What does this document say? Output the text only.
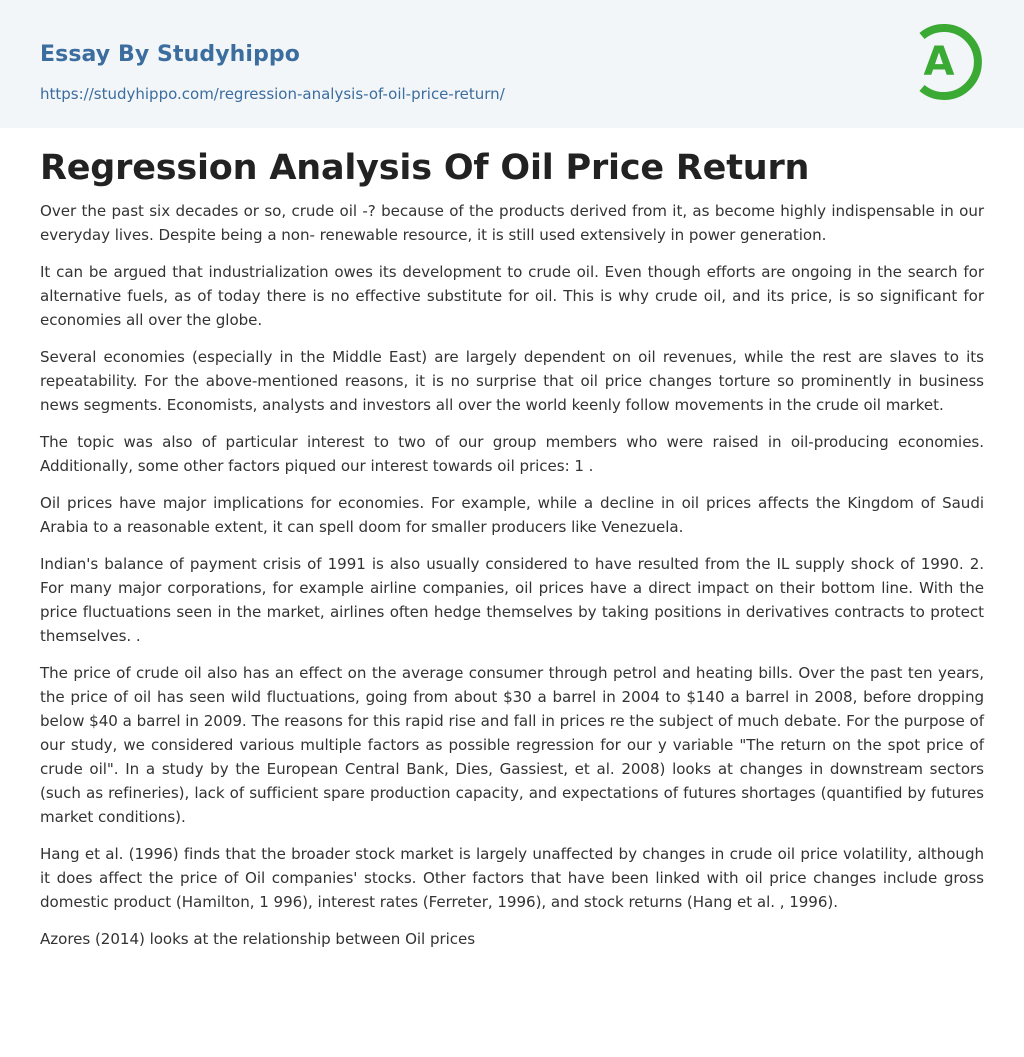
Essay By Studyhippo
https://studyhippo.com/regression-analysis-of-oil-price-return/
A
Regression Analysis Of Oil Price Return

Over the past six decades or so, crude oil -? because of the products derived from it, as become highly indispensable in our everyday lives. Despite being a non- renewable resource, it is still used extensively in power generation.

It can be argued that industrialization owes its development to crude oil. Even though efforts are ongoing in the search for alternative fuels, as of today there is no effective substitute for oil. This is why crude oil, and its price, is so significant for economies all over the globe.

Several economies (especially in the Middle East) are largely dependent on oil revenues, while the rest are slaves to its repeatability. For the above-mentioned reasons, it is no surprise that oil price changes torture so prominently in business news segments. Economists, analysts and investors all over the world keenly follow movements in the crude oil market.

The topic was also of particular interest to two of our group members who were raised in oil-producing economies. Additionally, some other factors piqued our interest towards oil prices: 1 .

Oil prices have major implications for economies. For example, while a decline in oil prices affects the Kingdom of Saudi Arabia to a reasonable extent, it can spell doom for smaller producers like Venezuela.

Indian's balance of payment crisis of 1991 is also usually considered to have resulted from the IL supply shock of 1990. 2. For many major corporations, for example airline companies, oil prices have a direct impact on their bottom line. With the price fluctuations seen in the market, airlines often hedge themselves by taking positions in derivatives contracts to protect themselves. .

The price of crude oil also has an effect on the average consumer through petrol and heating bills. Over the past ten years, the price of oil has seen wild fluctuations, going from about $30 a barrel in 2004 to $140 a barrel in 2008, before dropping below $40 a barrel in 2009. The reasons for this rapid rise and fall in prices re the subject of much debate. For the purpose of our study, we considered various multiple factors as possible regression for our y variable "The return on the spot price of crude oil". In a study by the European Central Bank, Dies, Gassiest, et al. 2008) looks at changes in downstream sectors (such as refineries), lack of sufficient spare production capacity, and expectations of futures shortages (quantified by futures market conditions).

Hang et al. (1996) finds that the broader stock market is largely unaffected by changes in crude oil price volatility, although it does affect the price of Oil companies' stocks. Other factors that have been linked with oil price changes include gross domestic product (Hamilton, 1 996), interest rates (Ferreter, 1996), and stock returns (Hang et al. , 1996).

Azores (2014) looks at the relationship between Oil prices
